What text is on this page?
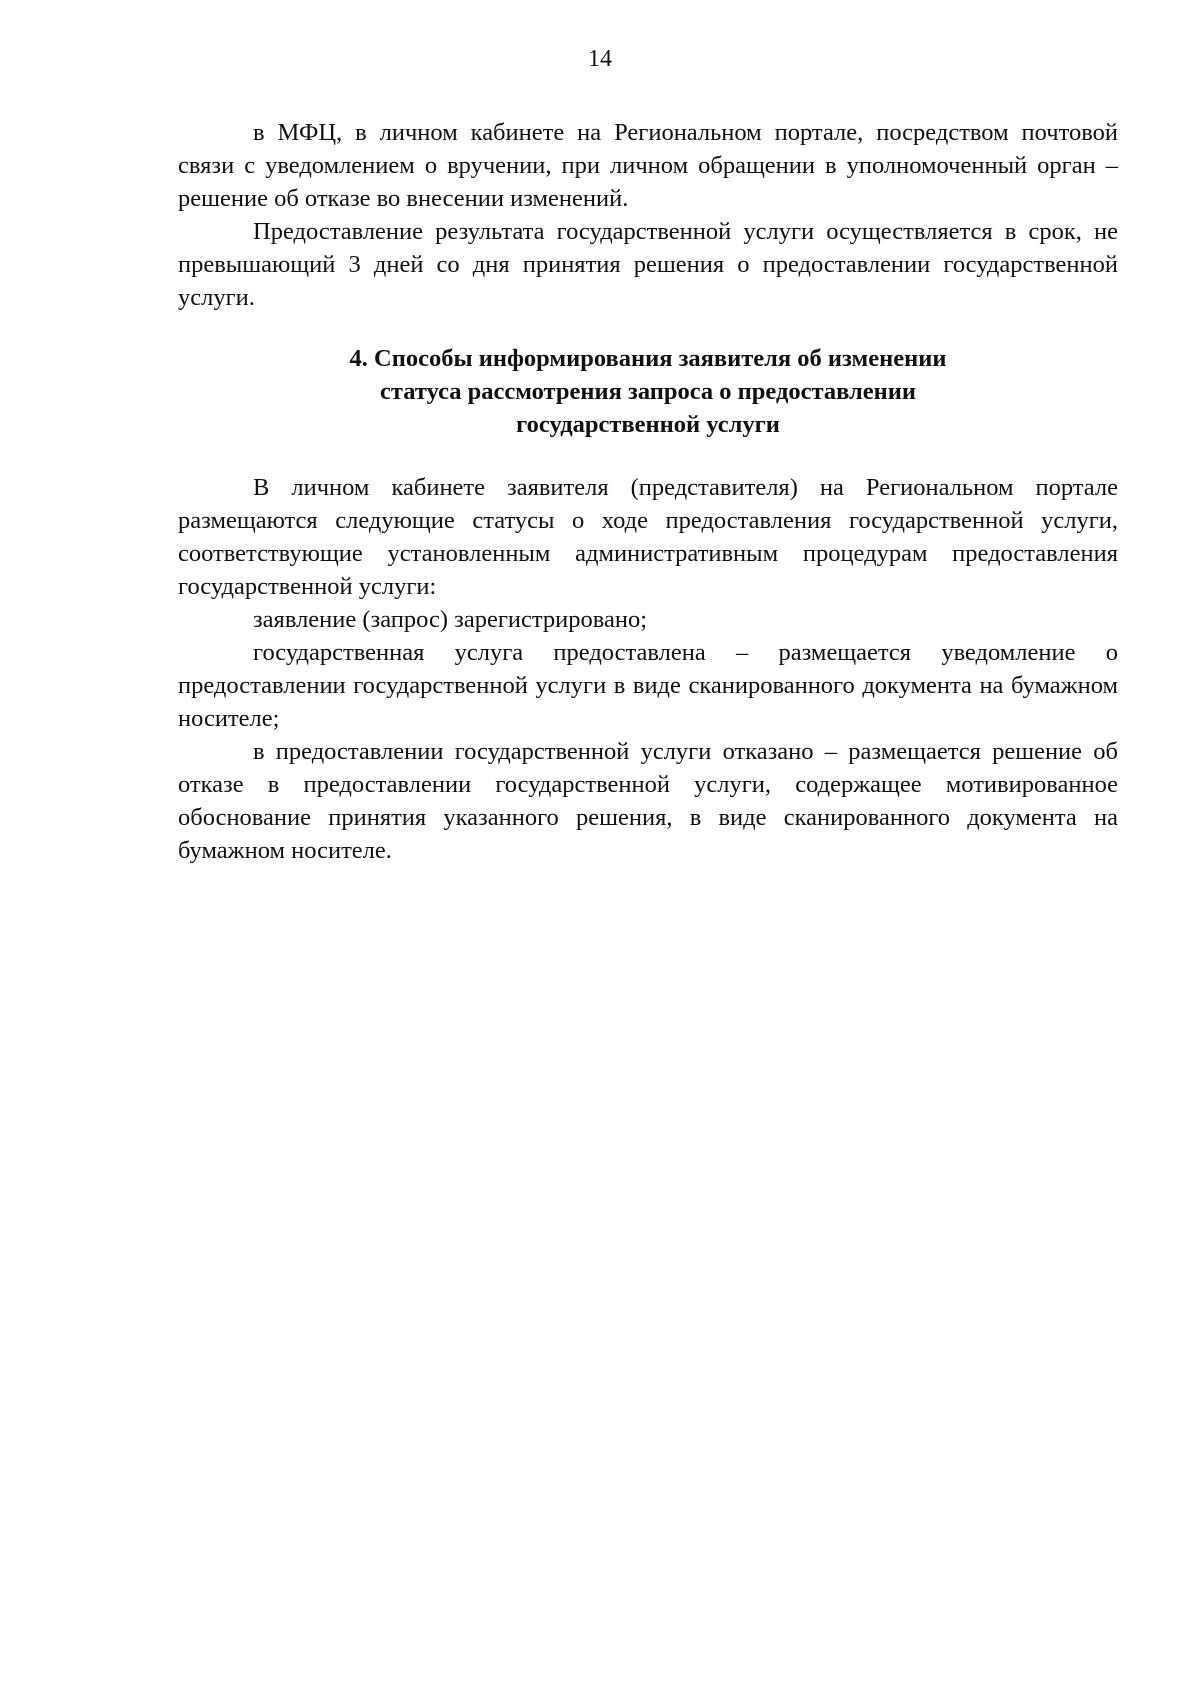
14

в МФЦ, в личном кабинете на Региональном портале, посредством почтовой связи с уведомлением о вручении, при личном обращении в уполномоченный орган – решение об отказе во внесении изменений.

Предоставление результата государственной услуги осуществляется в срок, не превышающий 3 дней со дня принятия решения о предоставлении государственной услуги.

4. Способы информирования заявителя об изменении
статуса рассмотрения запроса о предоставлении
государственной услуги

В личном кабинете заявителя (представителя) на Региональном портале размещаются следующие статусы о ходе предоставления государственной услуги, соответствующие установленным административным процедурам предоставления государственной услуги:

заявление (запрос) зарегистрировано;

государственная услуга предоставлена – размещается уведомление о предоставлении государственной услуги в виде сканированного документа на бумажном носителе;

в предоставлении государственной услуги отказано – размещается решение об отказе в предоставлении государственной услуги, содержащее мотивированное обоснование принятия указанного решения, в виде сканированного документа на бумажном носителе.
